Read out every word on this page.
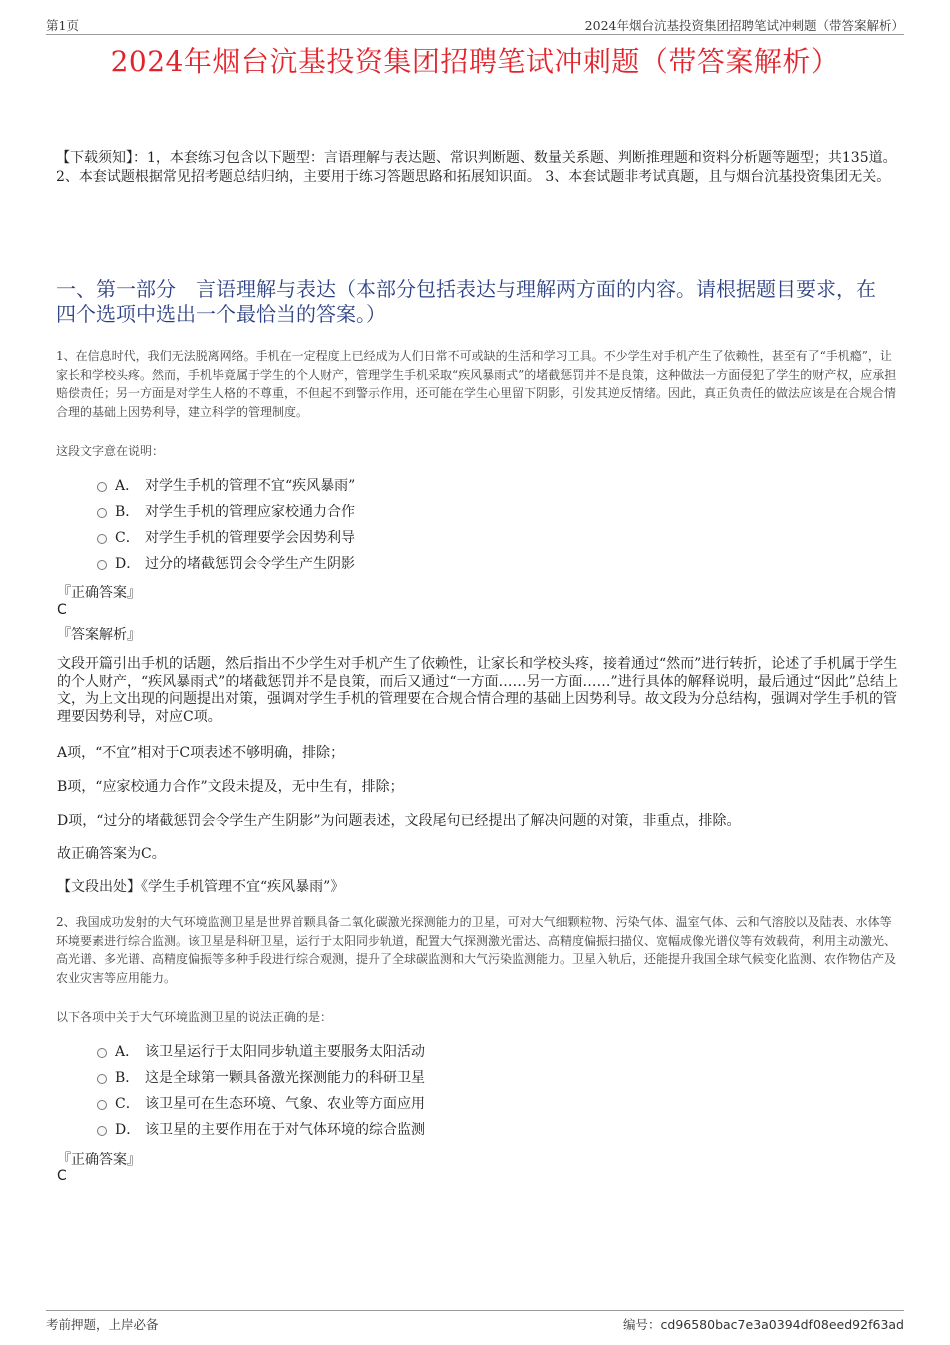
第1页	2024年烟台沆基投资集团招聘笔试冲刺题（带答案解析）
2024年烟台沆基投资集团招聘笔试冲刺题（带答案解析）
【下载须知】：1，本套练习包含以下题型：言语理解与表达题、常识判断题、数量关系题、判断推理题和资料分析题等题型；共135道。 2、本套试题根据常见招考题总结归纳，主要用于练习答题思路和拓展知识面。 3、本套试题非考试真题，且与烟台沆基投资集团无关。
一、第一部分　言语理解与表达（本部分包括表达与理解两方面的内容。请根据题目要求，在四个选项中选出一个最恰当的答案。）
1、在信息时代，我们无法脱离网络。手机在一定程度上已经成为人们日常不可或缺的生活和学习工具。不少学生对手机产生了依赖性，甚至有了“手机瘾”，让家长和学校头疼。然而，手机毕竟属于学生的个人财产，管理学生手机采取“疾风暴雨式”的堵截惩罚并不是良策，这种做法一方面侵犯了学生的财产权，应承担赔偿责任；另一方面是对学生人格的不尊重，不但起不到警示作用，还可能在学生心里留下阴影，引发其逆反情绪。因此，真正负责任的做法应该是在合规合情合理的基础上因势利导，建立科学的管理制度。
这段文字意在说明：
A． 对学生手机的管理不宜“疾风暴雨”
B． 对学生手机的管理应家校通力合作
C． 对学生手机的管理要学会因势利导
D． 过分的堵截惩罚会令学生产生阴影
『正确答案』
C
『答案解析』
文段开篇引出手机的话题，然后指出不少学生对手机产生了依赖性，让家长和学校头疼，接着通过“然而”进行转折，论述了手机属于学生的个人财产，“疾风暴雨式”的堵截惩罚并不是良策，而后又通过“一方面……另一方面……”进行具体的解释说明，最后通过“因此”总结上文，为上文出现的问题提出对策，强调对学生手机的管理要在合规合情合理的基础上因势利导。故文段为分总结构，强调对学生手机的管理要因势利导，对应C项。
A项，“不宜”相对于C项表述不够明确，排除；
B项，“应家校通力合作”文段未提及，无中生有，排除；
D项，“过分的堵截惩罚会令学生产生阴影”为问题表述，文段尾句已经提出了解决问题的对策，非重点，排除。
故正确答案为C。
【文段出处】《学生手机管理不宜“疾风暴雨”》
2、我国成功发射的大气环境监测卫星是世界首颗具备二氧化碳激光探测能力的卫星，可对大气细颗粒物、污染气体、温室气体、云和气溶胶以及陆表、水体等环境要素进行综合监测。该卫星是科研卫星，运行于太阳同步轨道，配置大气探测激光雷达、高精度偏振扫描仪、宽幅成像光谱仪等有效载荷，利用主动激光、高光谱、多光谱、高精度偏振等多种手段进行综合观测，提升了全球碳监测和大气污染监测能力。卫星入轨后，还能提升我国全球气候变化监测、农作物估产及农业灾害等应用能力。
以下各项中关于大气环境监测卫星的说法正确的是：
A． 该卫星运行于太阳同步轨道主要服务太阳活动
B． 这是全球第一颗具备激光探测能力的科研卫星
C． 该卫星可在生态环境、气象、农业等方面应用
D． 该卫星的主要作用在于对气体环境的综合监测
『正确答案』
C
考前押题，上岸必备	编号：cd96580bac7e3a0394df08eed92f63ad
